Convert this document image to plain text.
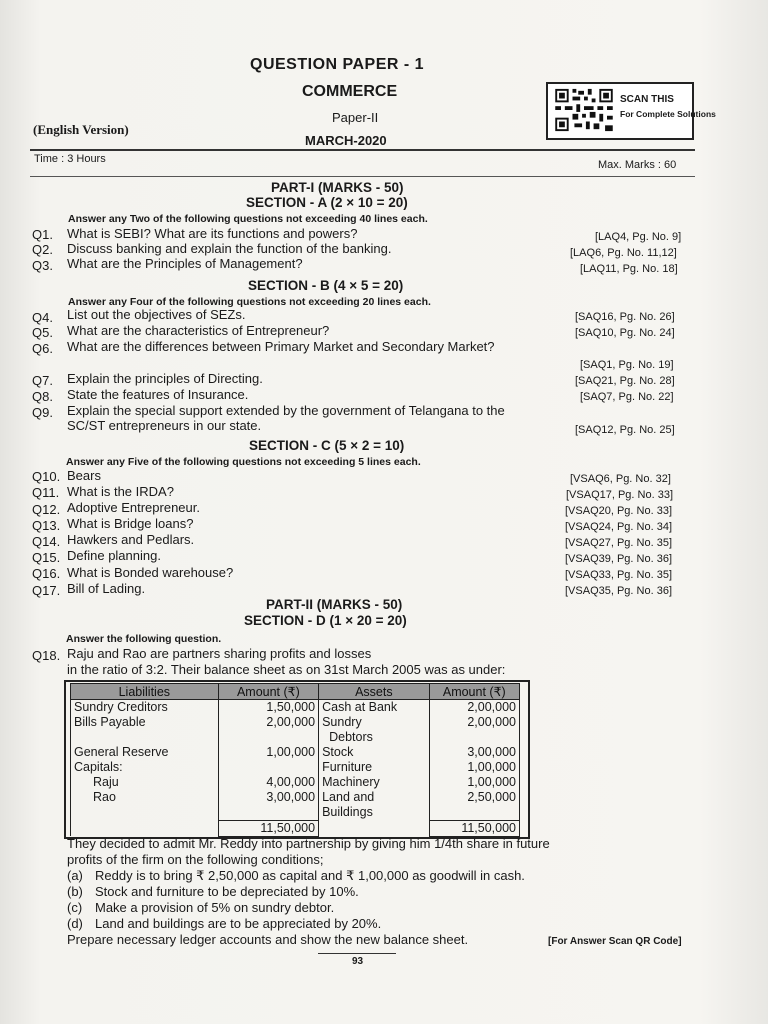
QUESTION PAPER - 1
COMMERCE
Paper-II
(English Version)
MARCH-2020
SCAN THIS
For Complete Solutions
Time : 3 Hours	Max. Marks : 60
PART-I (MARKS - 50)
SECTION - A (2 × 10 = 20)
Answer any Two of the following questions not exceeding 40 lines each.
Q1. What is SEBI? What are its functions and powers?	[LAQ4, Pg. No. 9]
Q2. Discuss banking and explain the function of the banking.	[LAQ6, Pg. No. 11,12]
Q3. What are the Principles of Management?	[LAQ11, Pg. No. 18]
SECTION - B (4 × 5 = 20)
Answer any Four of the following questions not exceeding 20 lines each.
Q4. List out the objectives of SEZs.	[SAQ16, Pg. No. 26]
Q5. What are the characteristics of Entrepreneur?	[SAQ10, Pg. No. 24]
Q6. What are the differences between Primary Market and Secondary Market?
[SAQ1, Pg. No. 19]
Q7. Explain the principles of Directing.	[SAQ21, Pg. No. 28]
Q8. State the features of Insurance.	[SAQ7, Pg. No. 22]
Q9. Explain the special support extended by the government of Telangana to the
SC/ST entrepreneurs in our state.	[SAQ12, Pg. No. 25]
SECTION - C (5 × 2 = 10)
Answer any Five of the following questions not exceeding 5 lines each.
Q10. Bears	[VSAQ6, Pg. No. 32]
Q11. What is the IRDA?	[VSAQ17, Pg. No. 33]
Q12. Adoptive Entrepreneur.	[VSAQ20, Pg. No. 33]
Q13. What is Bridge loans?	[VSAQ24, Pg. No. 34]
Q14. Hawkers and Pedlars.	[VSAQ27, Pg. No. 35]
Q15. Define planning.	[VSAQ39, Pg. No. 36]
Q16. What is Bonded warehouse?	[VSAQ33, Pg. No. 35]
Q17. Bill of Lading.	[VSAQ35, Pg. No. 36]
PART-II (MARKS - 50)
SECTION - D (1 × 20 = 20)
Answer the following question.
Q18. Raju and Rao are partners sharing profits and losses
in the ratio of 3:2. Their balance sheet as on 31st March 2005 was as under:
Liabilities	Amount (₹)	Assets	Amount (₹)
Sundry Creditors	1,50,000	Cash at Bank	2,00,000
Bills Payable	2,00,000	Sundry	2,00,000
		Debtors	
General Reserve	1,00,000	Stock	3,00,000
Capitals:		Furniture	1,00,000
Raju	4,00,000	Machinery	1,00,000
Rao	3,00,000	Land and	2,50,000
		Buildings	
	11,50,000		11,50,000
They decided to admit Mr. Reddy into partnership by giving him 1/4th share in future
profits of the firm on the following conditions;
(a) Reddy is to bring ₹ 2,50,000 as capital and ₹ 1,00,000 as goodwill in cash.
(b) Stock and furniture to be depreciated by 10%.
(c) Make a provision of 5% on sundry debtor.
(d) Land and buildings are to be appreciated by 20%.
Prepare necessary ledger accounts and show the new balance sheet.	[For Answer Scan QR Code]
93
